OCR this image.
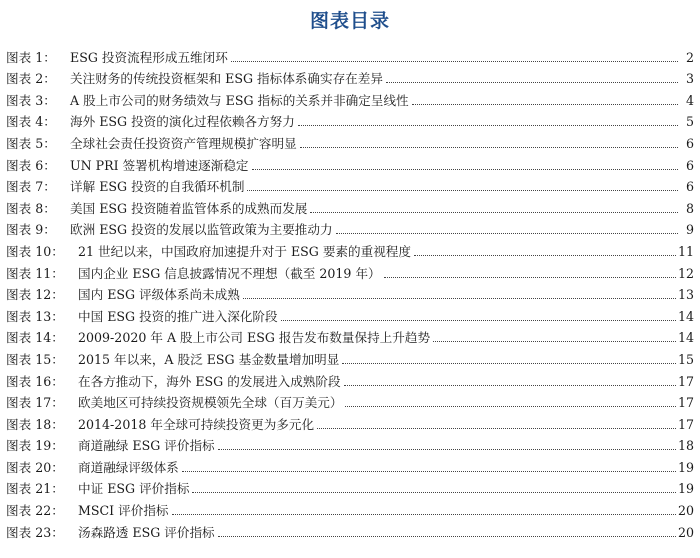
图表目录
图表 1：	ESG 投资流程形成五维闭环	2
图表 2：	关注财务的传统投资框架和 ESG 指标体系确实存在差异	3
图表 3：	A 股上市公司的财务绩效与 ESG 指标的关系并非确定呈线性	4
图表 4：	海外 ESG 投资的演化过程依赖各方努力	5
图表 5：	全球社会责任投资资产管理规模扩容明显	6
图表 6：	UN PRI 签署机构增速逐渐稳定	6
图表 7：	详解 ESG 投资的自我循环机制	6
图表 8：	美国 ESG 投资随着监管体系的成熟而发展	8
图表 9：	欧洲 ESG 投资的发展以监管政策为主要推动力	9
图表 10：	21 世纪以来，中国政府加速提升对于 ESG 要素的重视程度	11
图表 11：	国内企业 ESG 信息披露情况不理想（截至 2019 年）	12
图表 12：	国内 ESG 评级体系尚未成熟	13
图表 13：	中国 ESG 投资的推广进入深化阶段	14
图表 14：	2009-2020 年 A 股上市公司 ESG 报告发布数量保持上升趋势	14
图表 15：	2015 年以来，A 股泛 ESG 基金数量增加明显	15
图表 16：	在各方推动下，海外 ESG 的发展进入成熟阶段	17
图表 17：	欧美地区可持续投资规模领先全球（百万美元）	17
图表 18：	2014-2018 年全球可持续投资更为多元化	17
图表 19：	商道融绿 ESG 评价指标	18
图表 20：	商道融绿评级体系	19
图表 21：	中证 ESG 评价指标	19
图表 22：	MSCI 评价指标	20
图表 23：	汤森路透 ESG 评价指标	20
